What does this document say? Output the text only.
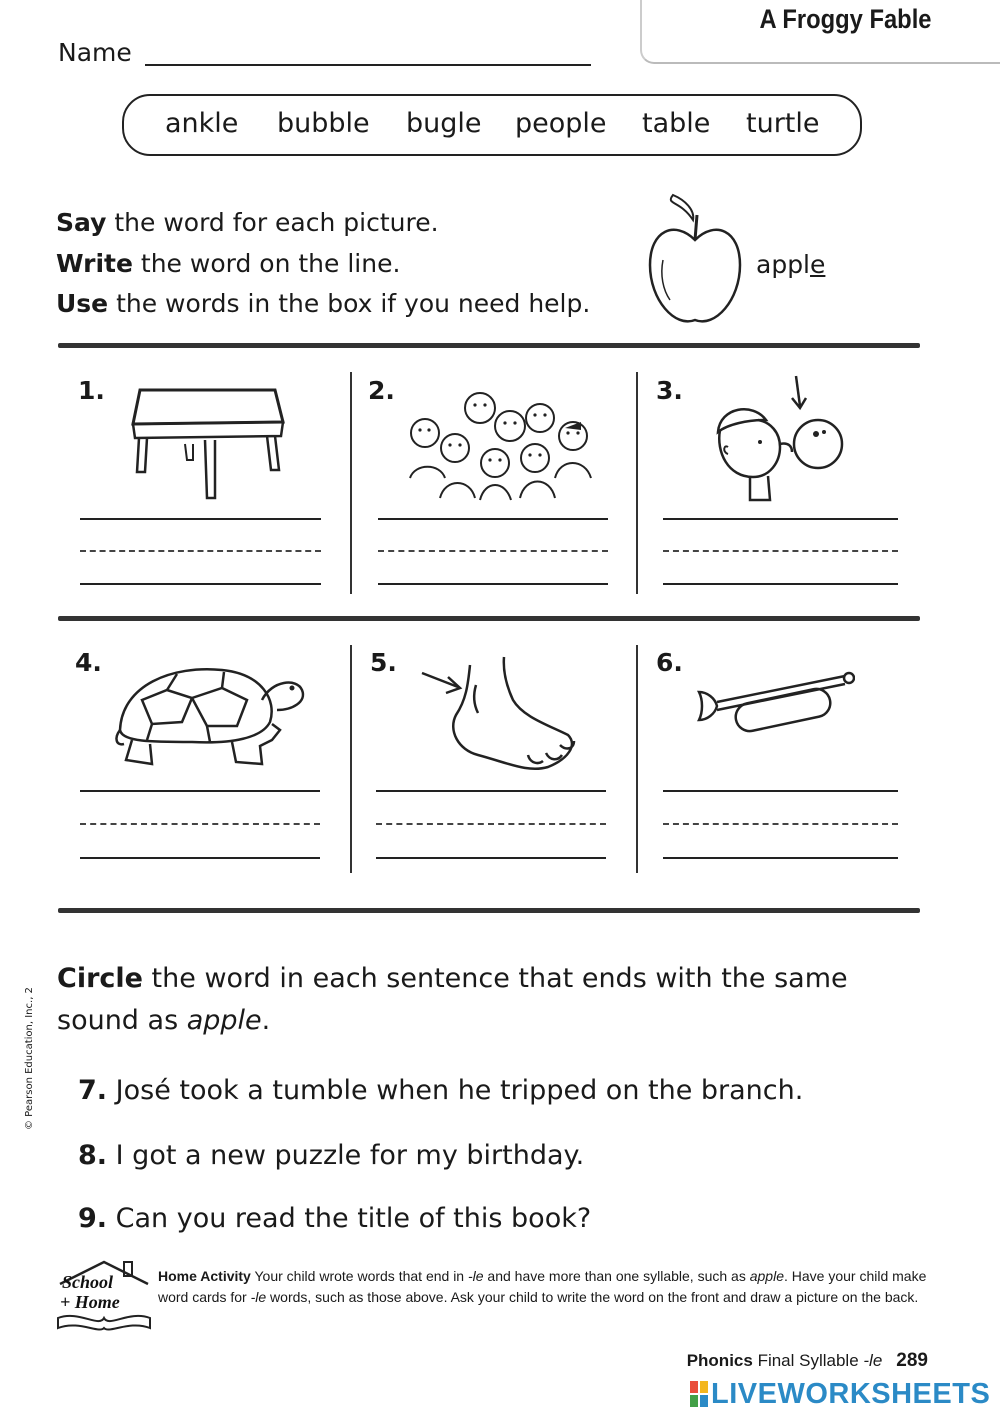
A Froggy Fable
Name
ankle bubble bugle people table turtle
Say the word for each picture.
Write the word on the line.
Use the words in the box if you need help.
apple
1.	2.	3.
4.	5.	6.
Circle the word in each sentence that ends with the same sound as apple.
7. José took a tumble when he tripped on the branch.
8. I got a new puzzle for my birthday.
9. Can you read the title of this book?
© Pearson Education, Inc., 2
School
+ Home
Home Activity Your child wrote words that end in -le and have more than one syllable, such as apple. Have your child make word cards for -le words, such as those above. Ask your child to write the word on the front and draw a picture on the back.
Phonics Final Syllable -le 289
LIVEWORKSHEETS
